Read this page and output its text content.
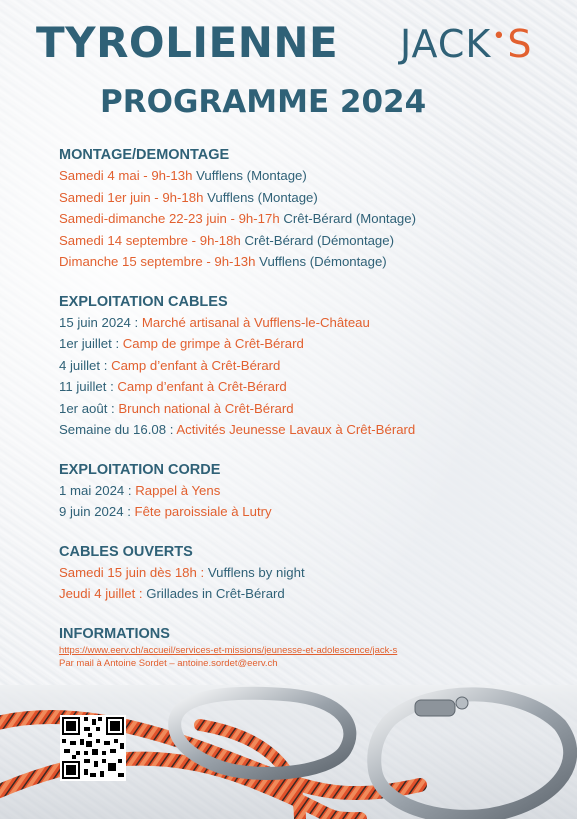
TYROLIENNE JACK•S
PROGRAMME 2024

MONTAGE/DEMONTAGE

Samedi 4 mai - 9h-13h Vufflens (Montage)

Samedi 1er juin - 9h-18h Vufflens (Montage)

Samedi-dimanche 22-23 juin - 9h-17h Crêt-Bérard (Montage)

Samedi 14 septembre - 9h-18h Crêt-Bérard (Démontage)

Dimanche 15 septembre - 9h-13h Vufflens (Démontage)

EXPLOITATION CABLES

15 juin 2024 : Marché artisanal à Vufflens-le-Château

1er juillet : Camp de grimpe à Crêt-Bérard

4 juillet : Camp d’enfant à Crêt-Bérard

11 juillet : Camp d’enfant à Crêt-Bérard

1er août : Brunch national à Crêt-Bérard

Semaine du 16.08 : Activités Jeunesse Lavaux à Crêt-Bérard

EXPLOITATION CORDE

1 mai 2024 : Rappel à Yens

9 juin 2024 : Fête paroissiale à Lutry

CABLES OUVERTS

Samedi 15 juin dès 18h : Vufflens by night

Jeudi 4 juillet : Grillades in Crêt-Bérard

INFORMATIONS

https://www.eerv.ch/accueil/services-et-missions/jeunesse-et-adolescence/jack-s

Par mail à Antoine Sordet – antoine.sordet@eerv.ch
